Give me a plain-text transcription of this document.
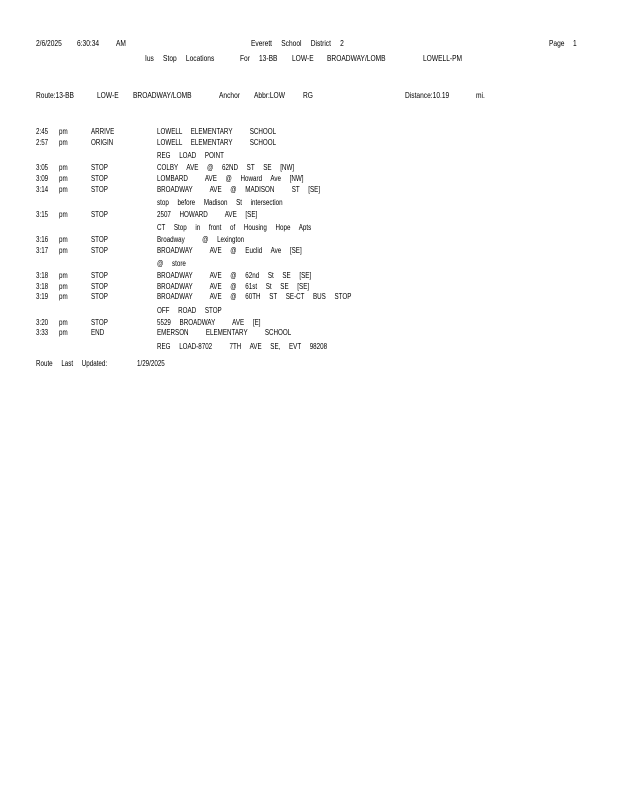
2/6/2025 6:30:34 AM	Everett     School     District     2	Page 1
Ius     Stop     Locations	For 13-BB LOW-E BROADWAY/LOMB	LOWELL-PM
Route:13-BB	LOW-E BROADWAY/LOMB	Anchor Abbr:LOW RG	Distance:10.19	mi.
2:45 pm	ARRIVE	LOWELL     ELEMENTARY          SCHOOL
2:57 pm	ORIGIN	LOWELL     ELEMENTARY          SCHOOL
REG     LOAD     POINT
3:05 pm	STOP	COLBY     AVE     @     62ND     ST     SE     [NW]
3:09 pm	STOP	LOMBARD          AVE     @     Howard     Ave     [NW]
3:14 pm	STOP	BROADWAY          AVE     @     MADISON          ST     [SE]
stop     before     Madison     St     intersection
3:15 pm	STOP	2507     HOWARD          AVE     [SE]
CT     Stop     in     front     of     Housing     Hope     Apts
3:16 pm	STOP	Broadway          @     Lexington
3:17 pm	STOP	BROADWAY          AVE     @     Euclid     Ave     [SE]
@     store
3:18 pm	STOP	BROADWAY          AVE     @     62nd     St     SE     [SE]
3:18 pm	STOP	BROADWAY          AVE     @     61st     St     SE     [SE]
3:19 pm	STOP	BROADWAY          AVE     @     60TH     ST     SE-CT     BUS     STOP
OFF     ROAD     STOP
3:20 pm	STOP	5529     BROADWAY          AVE     [E]
3:33 pm	END	EMERSON          ELEMENTARY          SCHOOL
REG     LOAD-8702          7TH     AVE     SE,     EVT     98208
Route     Last     Updated:	1/29/2025
